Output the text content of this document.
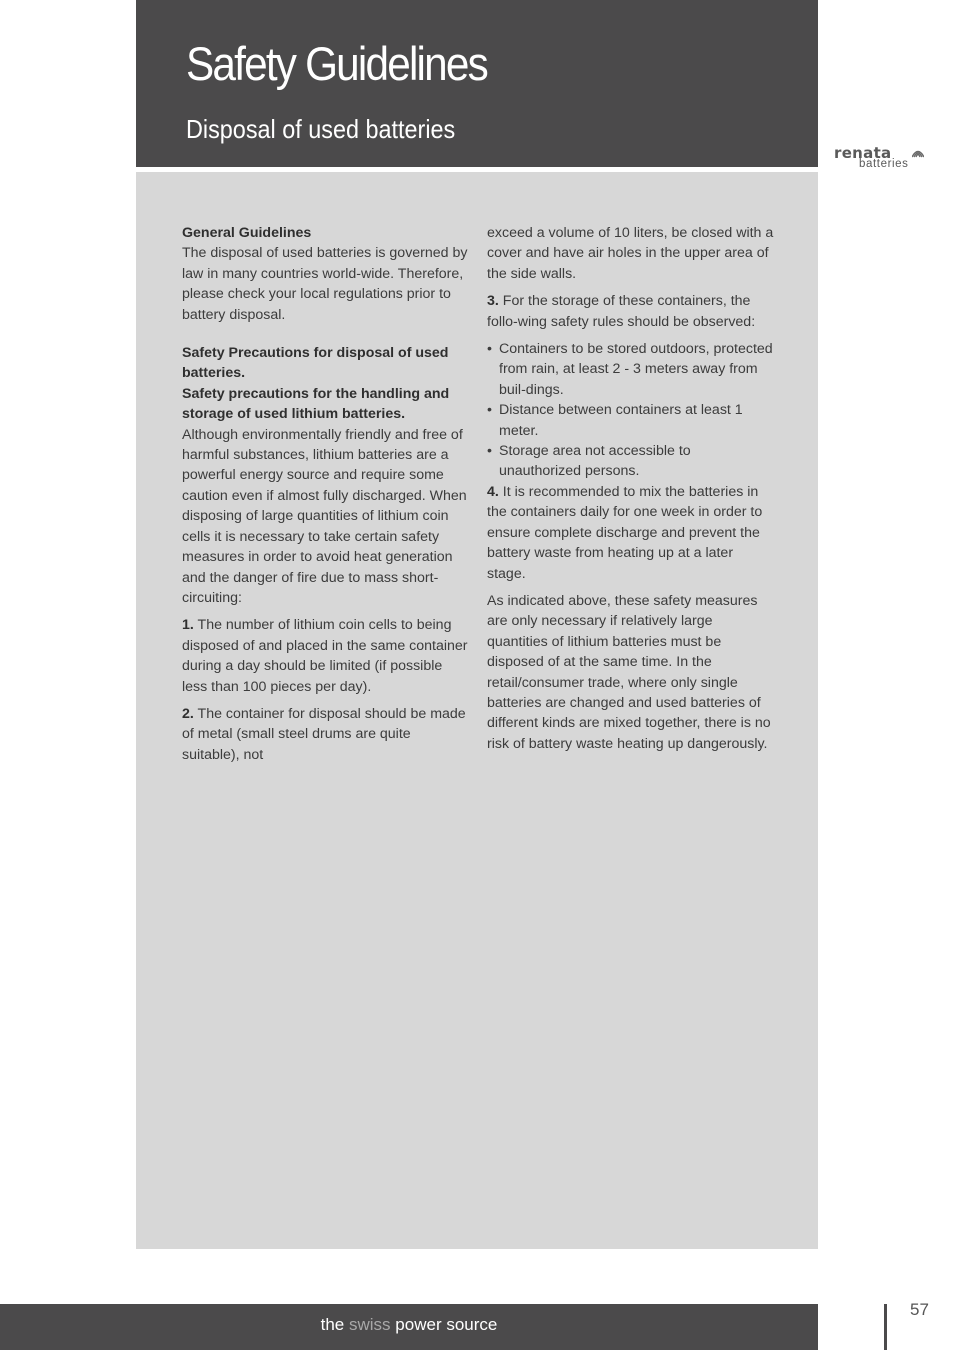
Safety Guidelines
Disposal of used batteries
renata
batteries

General Guidelines
The disposal of used batteries is governed by law in many countries world-wide. Therefore, please check your local regulations prior to battery disposal.

Safety Precautions for disposal of used batteries.
Safety precautions for the handling and storage of used lithium batteries.
Although environmentally friendly and free of harmful substances, lithium batteries are a powerful energy source and require some caution even if almost fully discharged. When disposing of large quantities of lithium coin cells it is necessary to take certain safety measures in order to avoid heat generation and the danger of fire due to mass short-circuiting:

1. The number of lithium coin cells to being disposed of and placed in the same container during a day should be limited (if possible less than 100 pieces per day).

2. The container for disposal should be made of metal (small steel drums are quite suitable), not

exceed a volume of 10 liters, be closed with a cover and have air holes in the upper area of the side walls.

3. For the storage of these containers, the follo-wing safety rules should be observed:

• Containers to be stored outdoors, protected from rain, at least 2 - 3 meters away from buil-dings.
• Distance between containers at least 1 meter.
• Storage area not accessible to unauthorized persons.

4. It is recommended to mix the batteries in the containers daily for one week in order to ensure complete discharge and prevent the battery waste from heating up at a later stage.

As indicated above, these safety measures are only necessary if relatively large quantities of lithium batteries must be disposed of at the same time. In the retail/consumer trade, where only single batteries are changed and used batteries of different kinds are mixed together, there is no risk of battery waste heating up dangerously.

the swiss power source
57
